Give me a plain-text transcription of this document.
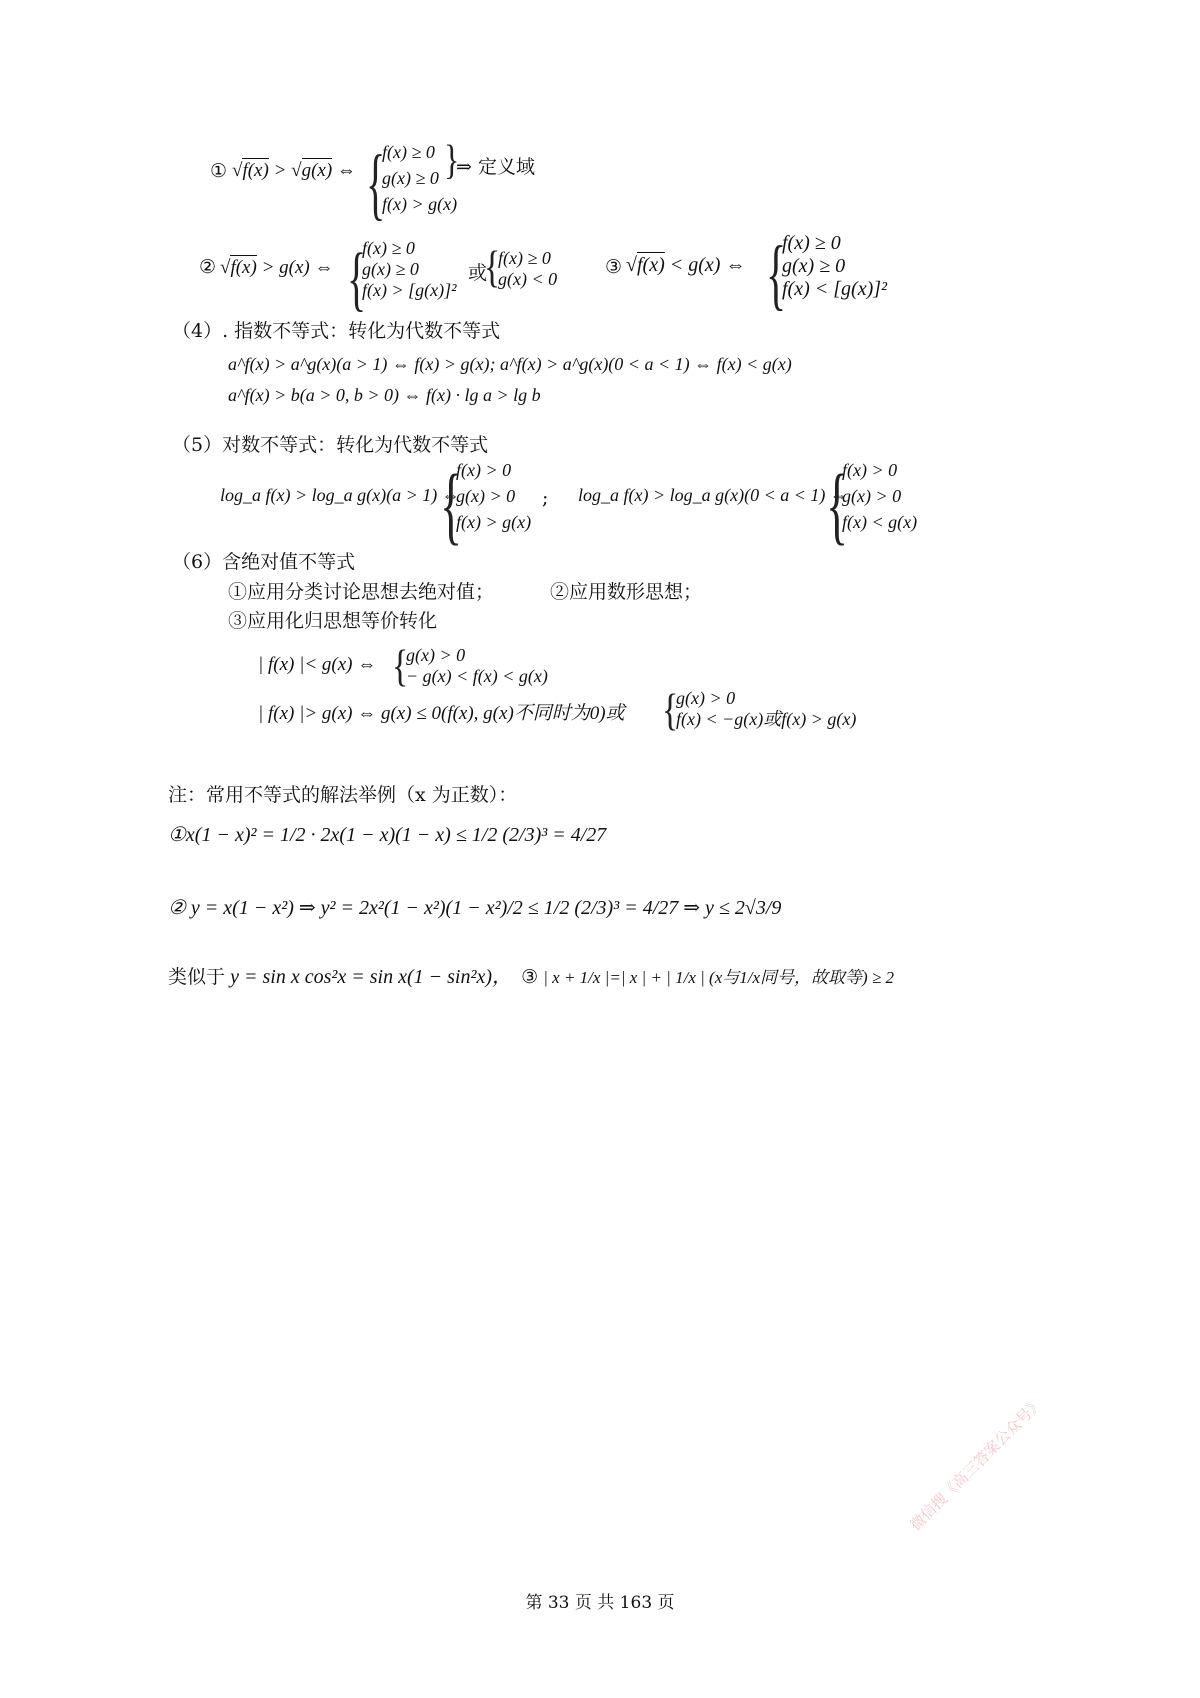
① √f(x) > √g(x) ⇔ {
f(x) ≥ 0
g(x) ≥ 0
f(x) > g(x)
}
⇒ 定义域
② √f(x) > g(x) ⇔ {
f(x) ≥ 0
g(x) ≥ 0
f(x) > [g(x)]²
或
{
f(x) ≥ 0
g(x) < 0
③ √f(x) < g(x) ⇔ {
f(x) ≥ 0
g(x) ≥ 0
f(x) < [g(x)]²
（4）. 指数不等式：转化为代数不等式
a^f(x) > a^g(x)(a > 1) ⇔ f(x) > g(x); a^f(x) > a^g(x)(0 < a < 1) ⇔ f(x) < g(x)
a^f(x) > b(a > 0, b > 0) ⇔ f(x) · lg a > lg b
（5）对数不等式：转化为代数不等式
log_a f(x) > log_a g(x)(a > 1) ⇔
{
f(x) > 0
g(x) > 0
f(x) > g(x)
; log_a f(x) > log_a g(x)(0 < a < 1) ⇔
{
f(x) > 0
g(x) > 0
f(x) < g(x)
（6）含绝对值不等式
①应用分类讨论思想去绝对值；	②应用数形思想；
③应用化归思想等价转化
| f(x) |< g(x) ⇔ {
g(x) > 0
− g(x) < f(x) < g(x)
| f(x) |> g(x) ⇔ g(x) ≤ 0(f(x), g(x)不同时为0)或 {
g(x) > 0
f(x) < −g(x)或f(x) > g(x)
注：常用不等式的解法举例（x 为正数）：
①x(1 − x)² = 1/2 · 2x(1 − x)(1 − x) ≤ 1/2 (2/3)³ = 4/27
② y = x(1 − x²) ⇒ y² = 2x²(1 − x²)(1 − x²)/2 ≤ 1/2 (2/3)³ = 4/27 ⇒ y ≤ 2√3/9
类似于 y = sin x cos²x = sin x(1 − sin²x)， ③ | x + 1/x |=| x | + | 1/x | (x与1/x同号，故取等) ≥ 2
第 33 页 共 163 页
微信搜《高三答案公众号》
